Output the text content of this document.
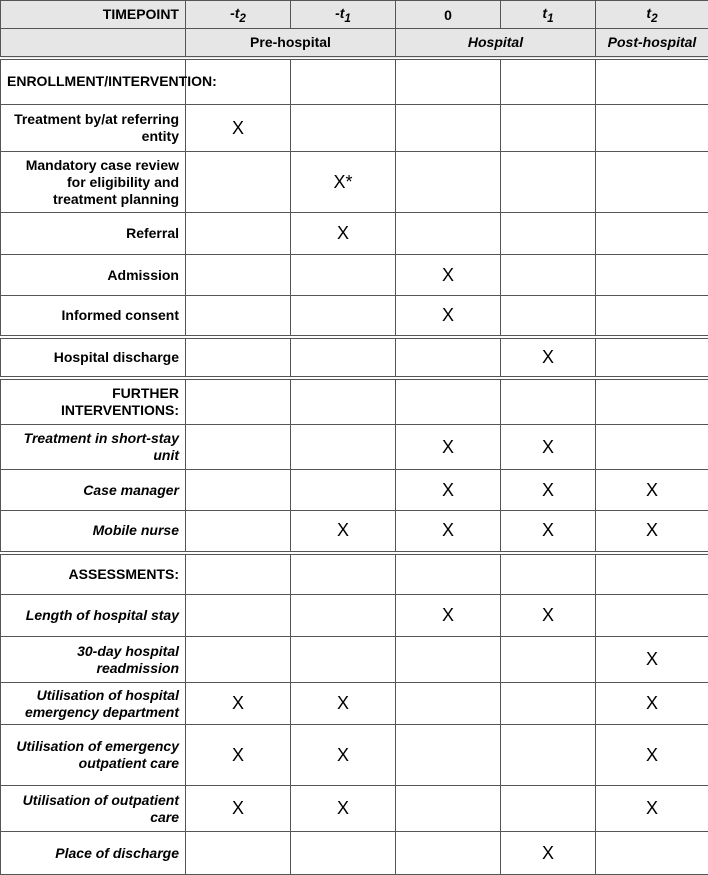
TIMEPOINT	$-t_2$	$-t_1$	0	$t_1$	$t_2$
	Pre-hospital		Hospital		Post-hospital
ENROLLMENT/INTERVENTION:					
Treatment by/at referring entity	X				
Mandatory case review for eligibility and treatment planning		X*			
Referral		X			
Admission			X		
Informed consent			X		
Hospital discharge				X	
FURTHER INTERVENTIONS:					
Treatment in short-stay unit			X	X	
Case manager			X	X	X
Mobile nurse		X	X	X	X
ASSESSMENTS:					
Length of hospital stay			X	X	
30-day hospital readmission					X
Utilisation of hospital emergency department	X	X			X
Utilisation of emergency outpatient care	X	X			X
Utilisation of outpatient care	X	X			X
Place of discharge				X	
